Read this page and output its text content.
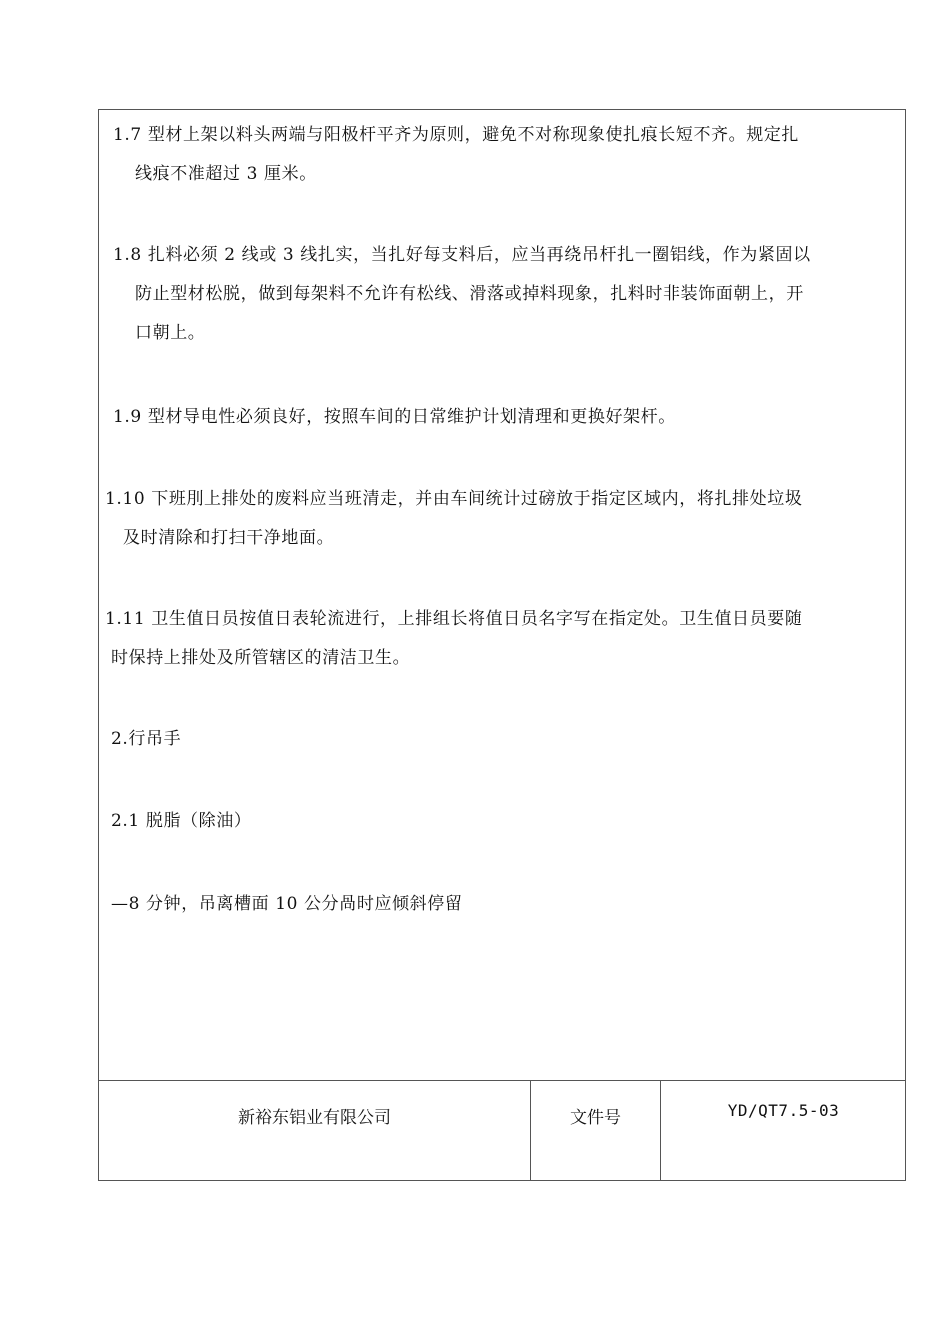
1.7 型材上架以料头两端与阳极杆平齐为原则，避免不对称现象使扎痕长短不齐。规定扎
线痕不准超过 3 厘米。
1.8 扎料必须 2 线或 3 线扎实，当扎好每支料后，应当再绕吊杆扎一圈铝线，作为紧固以
防止型材松脱，做到每架料不允许有松线、滑落或掉料现象，扎料时非装饰面朝上，开
口朝上。
1.9 型材导电性必须良好，按照车间的日常维护计划清理和更换好架杆。
1.10 下班刖上排处的废料应当班清走，并由车间统计过磅放于指定区域内，将扎排处垃圾
及时清除和打扫干净地面。
1.11 卫生值日员按值日表轮流进行，上排组长将值日员名字写在指定处。卫生值日员要随
时保持上排处及所管辖区的清洁卫生。
2.行吊手
2.1 脱脂（除油）
—8 分钟，吊离槽面 10 公分咼时应倾斜停留
新裕东铝业有限公司	文件号	YD/QT7.5-03
